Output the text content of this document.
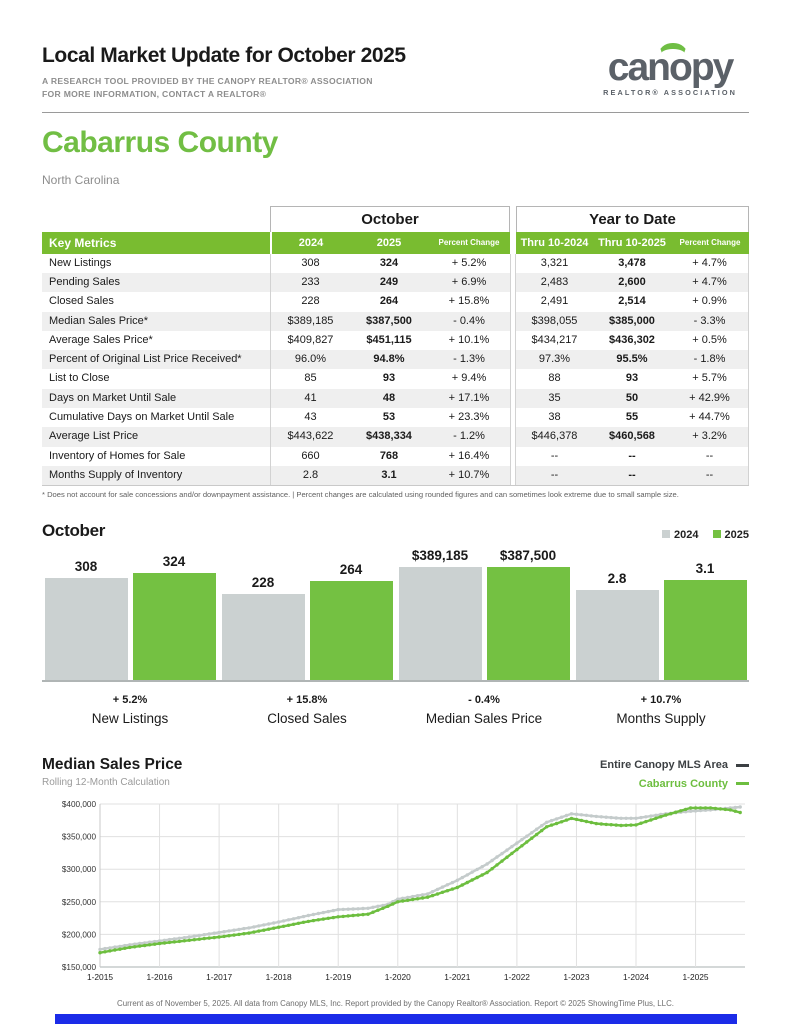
Local Market Update for October 2025
A RESEARCH TOOL PROVIDED BY THE CANOPY REALTOR® ASSOCIATION
FOR MORE INFORMATION, CONTACT A REALTOR®
canopy
REALTOR® ASSOCIATION
Cabarrus County
North Carolina
October	Year to Date
Key Metrics	2024	2025	Percent Change	Thru 10-2024 Thru 10-2025	Percent Change
New Listings	308	324	+ 5.2%	3,321	3,478	+ 4.7%
Pending Sales	233	249	+ 6.9%	2,483	2,600	+ 4.7%
Closed Sales	228	264	+ 15.8%	2,491	2,514	+ 0.9%
Median Sales Price*	$389,185	$387,500	- 0.4%	$398,055	$385,000	- 3.3%
Average Sales Price*	$409,827	$451,115	+ 10.1%	$434,217	$436,302	+ 0.5%
Percent of Original List Price Received*	96.0%	94.8%	- 1.3%	97.3%	95.5%	- 1.8%
List to Close	85	93	+ 9.4%	88	93	+ 5.7%
Days on Market Until Sale	41	48	+ 17.1%	35	50	+ 42.9%
Cumulative Days on Market Until Sale	43	53	+ 23.3%	38	55	+ 44.7%
Average List Price	$443,622	$438,334	- 1.2%	$446,378	$460,568	+ 3.2%
Inventory of Homes for Sale	660	768	+ 16.4%	--	--	--
Months Supply of Inventory	2.8	3.1	+ 10.7%	--	--	--
* Does not account for sale concessions and/or downpayment assistance. | Percent changes are calculated using rounded figures and can sometimes look extreme due to small sample size.
October	2024	2025
308	324
228
264
$389,185 $387,500
2.8
3.1
+ 5.2%
New Listings
+ 15.8%
Closed Sales
- 0.4%
Median Sales Price
+ 10.7%
Months Supply
Median Sales Price
Rolling 12-Month Calculation
Entire Canopy MLS Area
Cabarrus County
$150,000
$200,000
$250,000
$300,000
$350,000
$400,000
1-2015	1-2016	1-2017	1-2018	1-2019	1-2020	1-2021	1-2022	1-2023	1-2024	1-2025
Current as of November 5, 2025. All data from Canopy MLS, Inc. Report provided by the Canopy Realtor® Association. Report © 2025 ShowingTime Plus, LLC.
